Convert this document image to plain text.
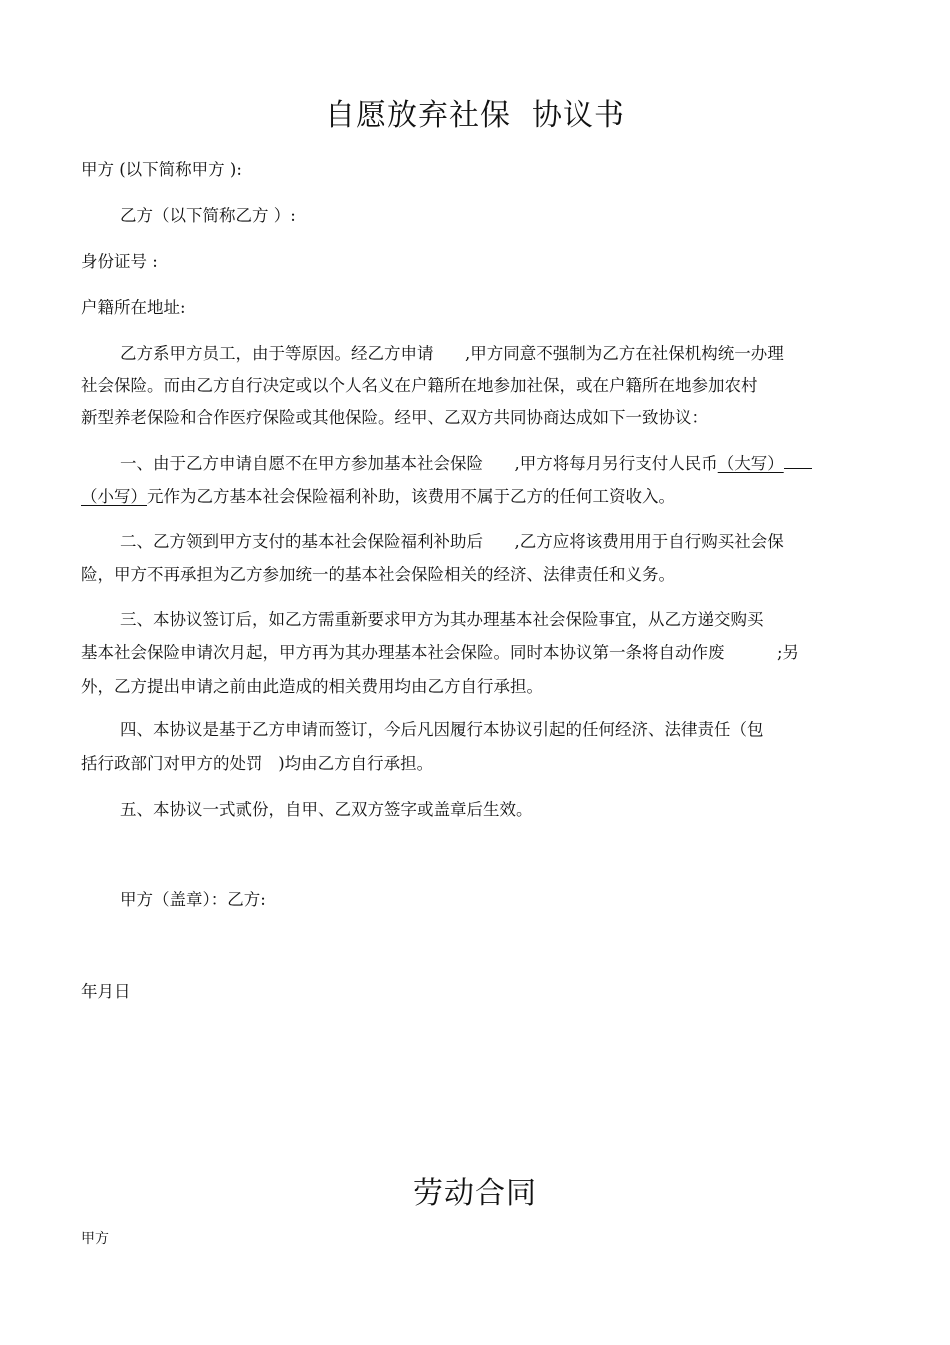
自愿放弃社保  协议书
甲方 (以下简称甲方 ):
乙方（以下简称乙方 ）:
身份证号 :
户籍所在地址:
乙方系甲方员工，由于等原因。经乙方申请      ,甲方同意不强制为乙方在社保机构统一办理
社会保险。而由乙方自行决定或以个人名义在户籍所在地参加社保，或在户籍所在地参加农村
新型养老保险和合作医疗保险或其他保险。经甲、乙双方共同协商达成如下一致协议：
一、由于乙方申请自愿不在甲方参加基本社会保险      ,甲方将每月另行支付人民币（大写）
（小写）元作为乙方基本社会保险福利补助，该费用不属于乙方的任何工资收入。
二、乙方领到甲方支付的基本社会保险福利补助后      ,乙方应将该费用用于自行购买社会保
险，甲方不再承担为乙方参加统一的基本社会保险相关的经济、法律责任和义务。
三、本协议签订后，如乙方需重新要求甲方为其办理基本社会保险事宜，从乙方递交购买
基本社会保险申请次月起，甲方再为其办理基本社会保险。同时本协议第一条将自动作废          ;另
外，乙方提出申请之前由此造成的相关费用均由乙方自行承担。
四、本协议是基于乙方申请而签订，今后凡因履行本协议引起的任何经济、法律责任（包
括行政部门对甲方的处罚   )均由乙方自行承担。
五、本协议一式贰份，自甲、乙双方签字或盖章后生效。
甲方（盖章）：乙方:
年月日
劳动合同
甲方
